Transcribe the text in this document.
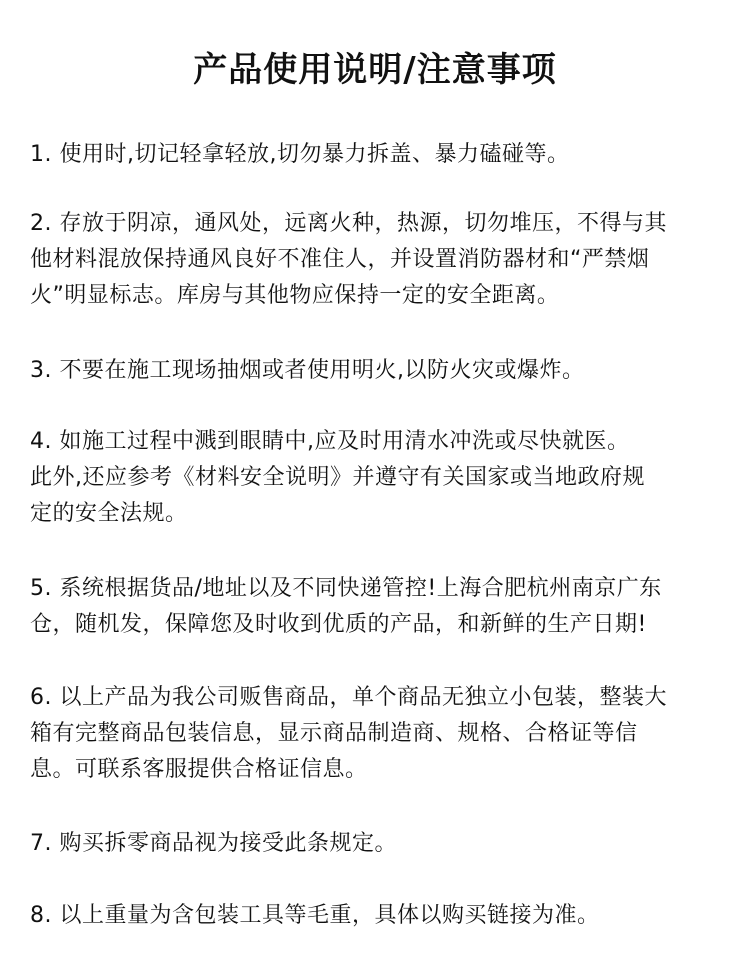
产品使用说明/注意事项

1. 使用时,切记轻拿轻放,切勿暴力拆盖、暴力磕碰等。

2. 存放于阴凉，通风处，远离火种，热源，切勿堆压，不得与其
他材料混放保持通风良好不准住人，并设置消防器材和“严禁烟
火”明显标志。库房与其他物应保持一定的安全距离。

3. 不要在施工现场抽烟或者使用明火,以防火灾或爆炸。

4. 如施工过程中溅到眼睛中,应及时用清水冲洗或尽快就医。
此外,还应参考《材料安全说明》并遵守有关国家或当地政府规
定的安全法规。

5. 系统根据货品/地址以及不同快递管控!上海合肥杭州南京广东
仓，随机发，保障您及时收到优质的产品，和新鲜的生产日期!

6. 以上产品为我公司贩售商品，单个商品无独立小包装，整装大
箱有完整商品包装信息，显示商品制造商、规格、合格证等信
息。可联系客服提供合格证信息。

7. 购买拆零商品视为接受此条规定。

8. 以上重量为含包装工具等毛重，具体以购买链接为准。
